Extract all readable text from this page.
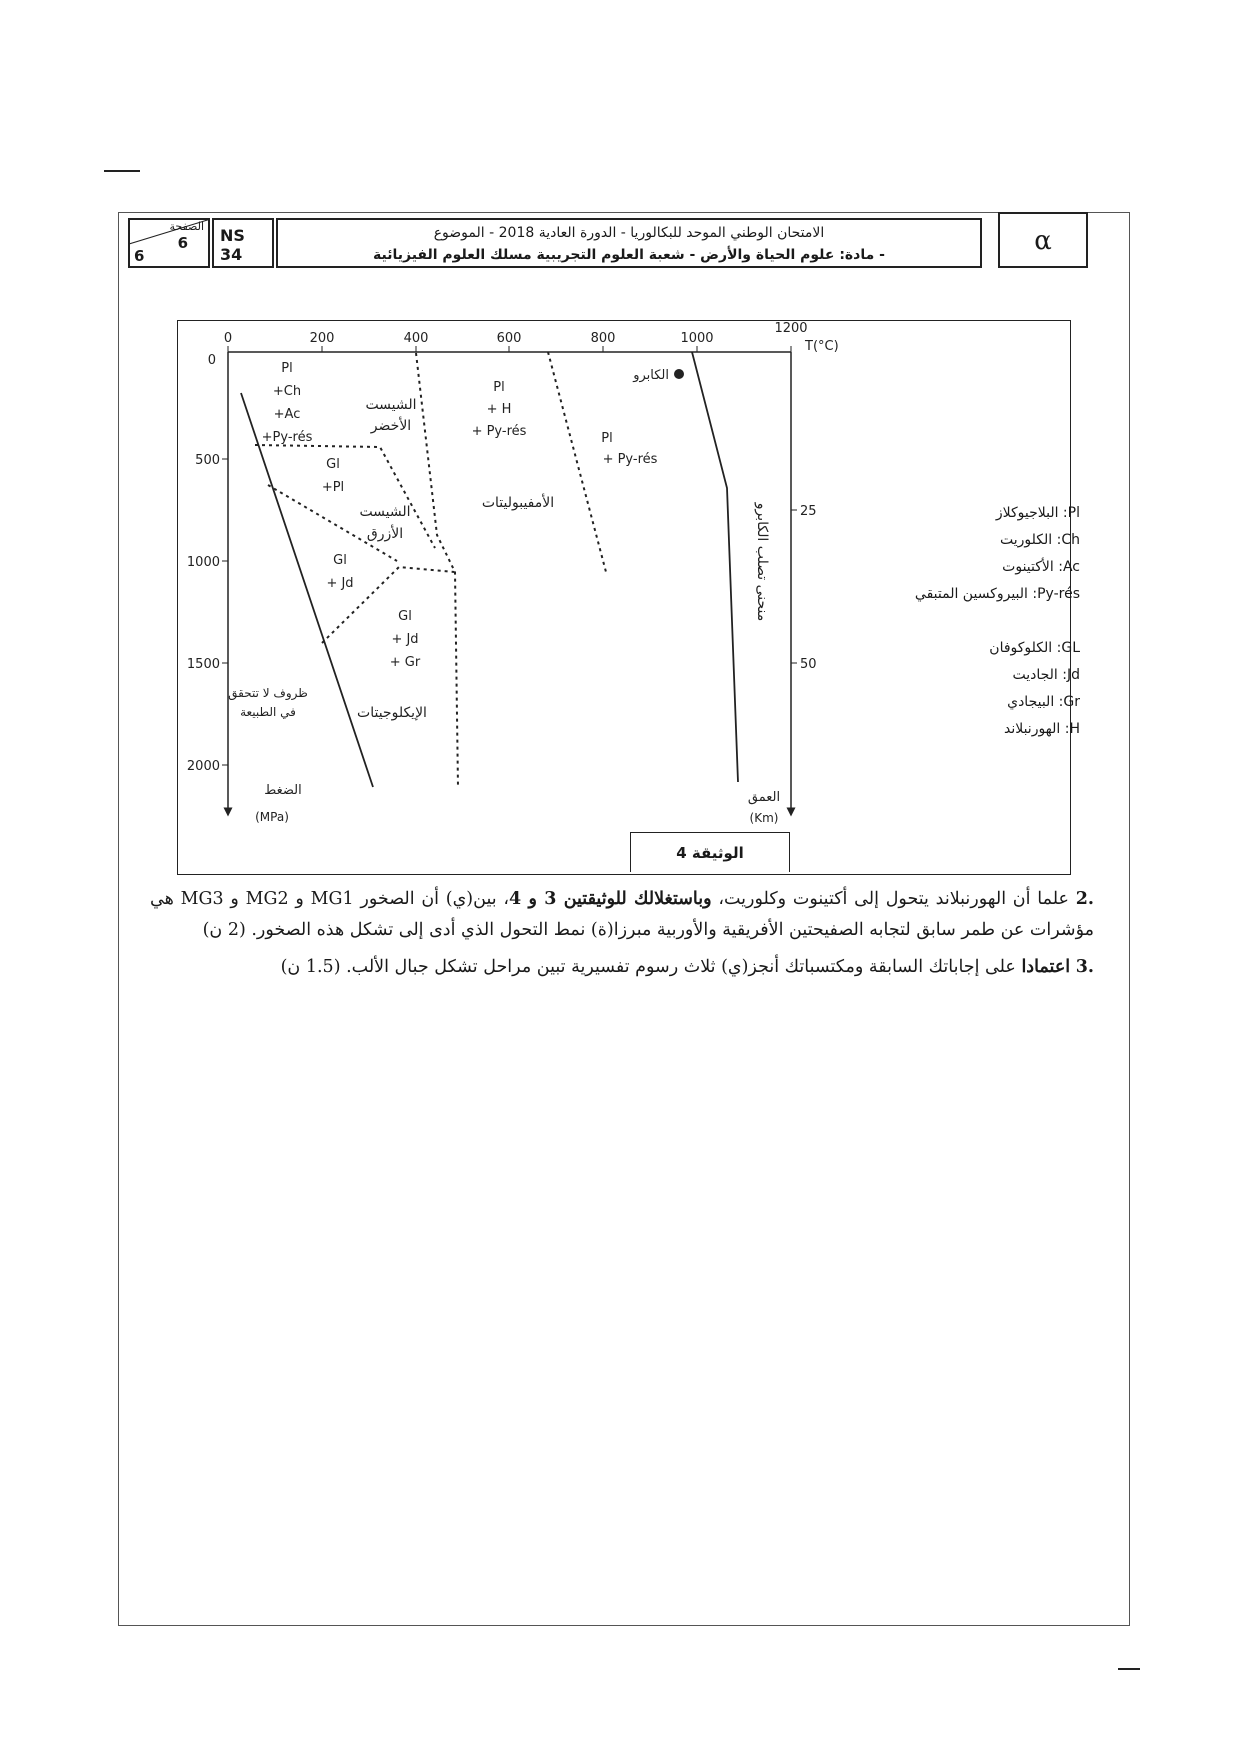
الصفحة
6
6
NS 34
الامتحان الوطني الموحد للبكالوريا - الدورة العادية 2018 - الموضوع
- مادة: علوم الحياة والأرض - شعبة العلوم التجريبية مسلك العلوم الفيزيائية	α
0	200	400	600	800	1000
1200
T(°C)
0
500
1000
1500
2000
الضغط
(MPa)
25
50
العمق
(Km)
الكابرو
Pl
+Ch
+Ac
+Py-rés
الشيست
الأخضر
Pl
+ H
+ Py-rés
الأمفيبوليتات
Pl
+ Py-rés
Gl
+Pl
الشيست
الأزرق
Gl
+ Jd
Gl
+ Jd
+ Gr
الإيكلوجيتات
ظروف لا تتحقق
في الطبيعة
منحنى تصلب الكابرو
الوثيقة 4
Pl: البلاجيوكلاز
Ch: الكلوريت
Ac: الأكتينوت
Py-rés: البيروكسين المتبقي
GL: الكلوكوفان
Jd: الجاديت
Gr: البيجادي
H: الهورنبلاند

.2 علما أن الهورنبلاند يتحول إلى أكتينوت وكلوريت، وباستغلالك للوثيقتين 3 و 4، بين(ي) أن الصخور MG1 و MG2 و MG3 هي مؤشرات عن طمر سابق لتجابه الصفيحتين الأفريقية والأوربية مبرزا(ة) نمط التحول الذي أدى إلى تشكل هذه الصخور. (2 ن)

.3 اعتمادا على إجاباتك السابقة ومكتسباتك أنجز(ي) ثلاث رسوم تفسيرية تبين مراحل تشكل جبال الألب. (1.5 ن)
